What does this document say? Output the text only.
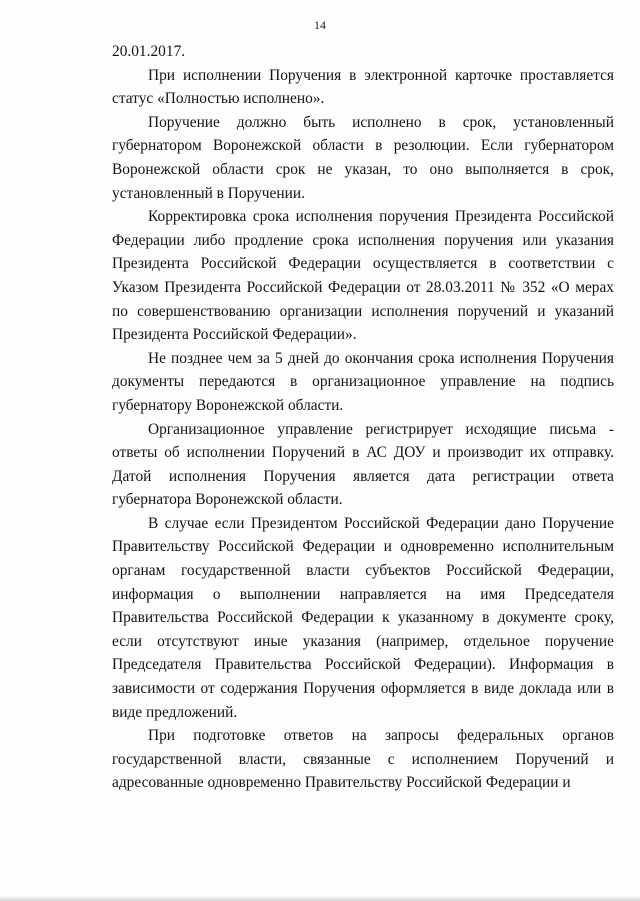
14

20.01.2017.

При исполнении Поручения в электронной карточке проставляется статус «Полностью исполнено».

Поручение должно быть исполнено в срок, установленный губернатором Воронежской области в резолюции. Если губернатором Воронежской области срок не указан, то оно выполняется в срок, установленный в Поручении.

Корректировка срока исполнения поручения Президента Российской Федерации либо продление срока исполнения поручения или указания Президента Российской Федерации осуществляется в соответствии с Указом Президента Российской Федерации от 28.03.2011 № 352 «О мерах по совершенствованию организации исполнения поручений и указаний Президента Российской Федерации».

Не позднее чем за 5 дней до окончания срока исполнения Поручения документы передаются в организационное управление на подпись губернатору Воронежской области.

Организационное управление регистрирует исходящие письма - ответы об исполнении Поручений в АС ДОУ и производит их отправку. Датой исполнения Поручения является дата регистрации ответа губернатора Воронежской области.

В случае если Президентом Российской Федерации дано Поручение Правительству Российской Федерации и одновременно исполнительным органам государственной власти субъектов Российской Федерации, информация о выполнении направляется на имя Председателя Правительства Российской Федерации к указанному в документе сроку, если отсутствуют иные указания (например, отдельное поручение Председателя Правительства Российской Федерации). Информация в зависимости от содержания Поручения оформляется в виде доклада или в виде предложений.

При подготовке ответов на запросы федеральных органов государственной власти, связанные с исполнением Поручений и адресованные одновременно Правительству Российской Федерации и
